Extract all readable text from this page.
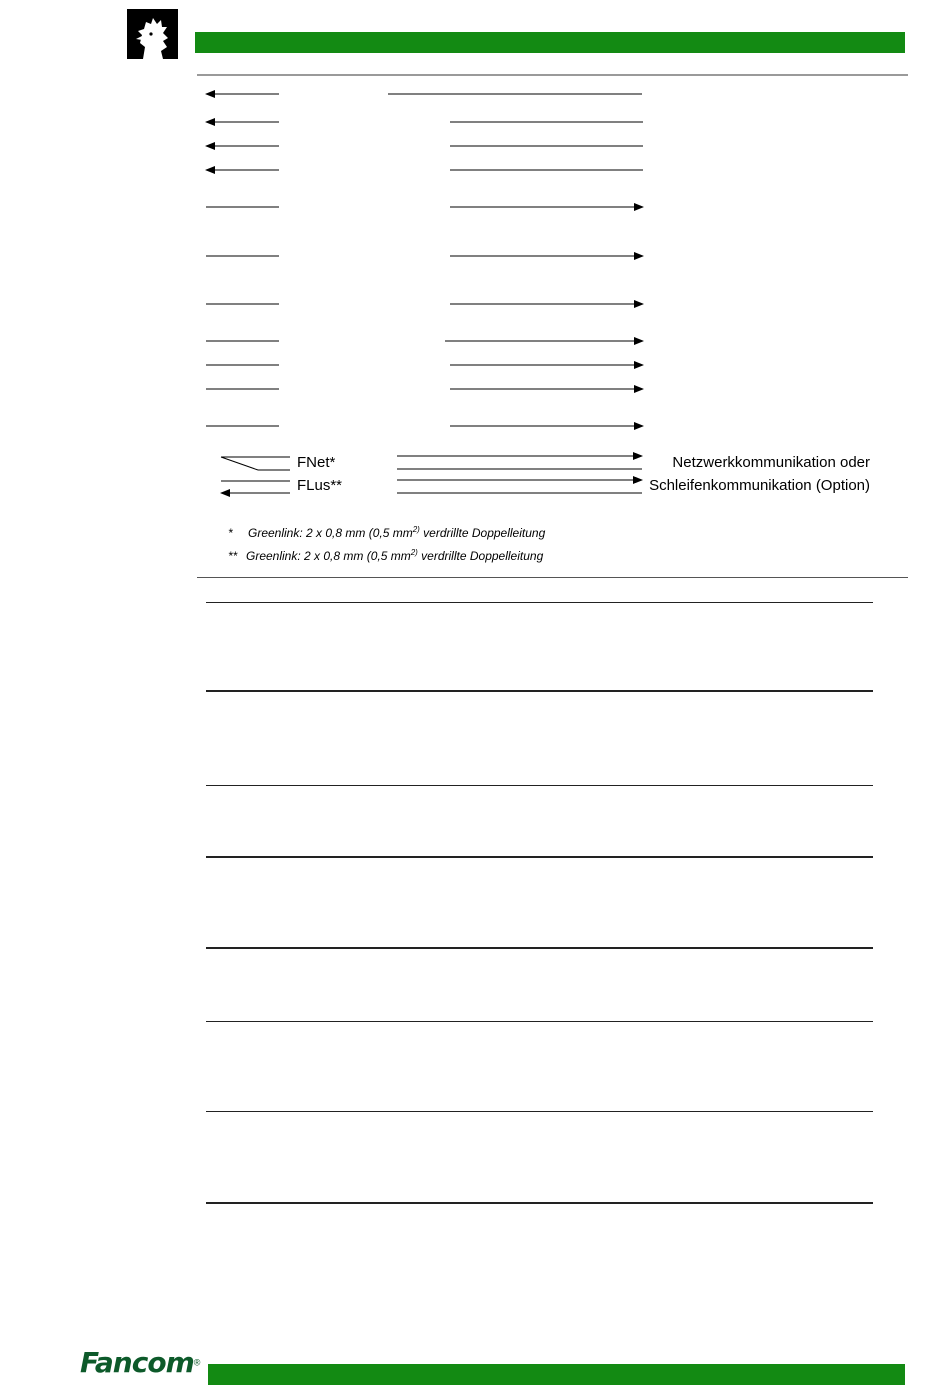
FNet*
FLus**
Netzwerkkommunikation oder
Schleifenkommunikation (Option)
* Greenlink: 2 x 0,8 mm (0,5 $mm^{2)}$ verdrillte Doppelleitung
** Greenlink: 2 x 0,8 mm (0,5 $mm^{2)}$ verdrillte Doppelleitung
Fancom®
